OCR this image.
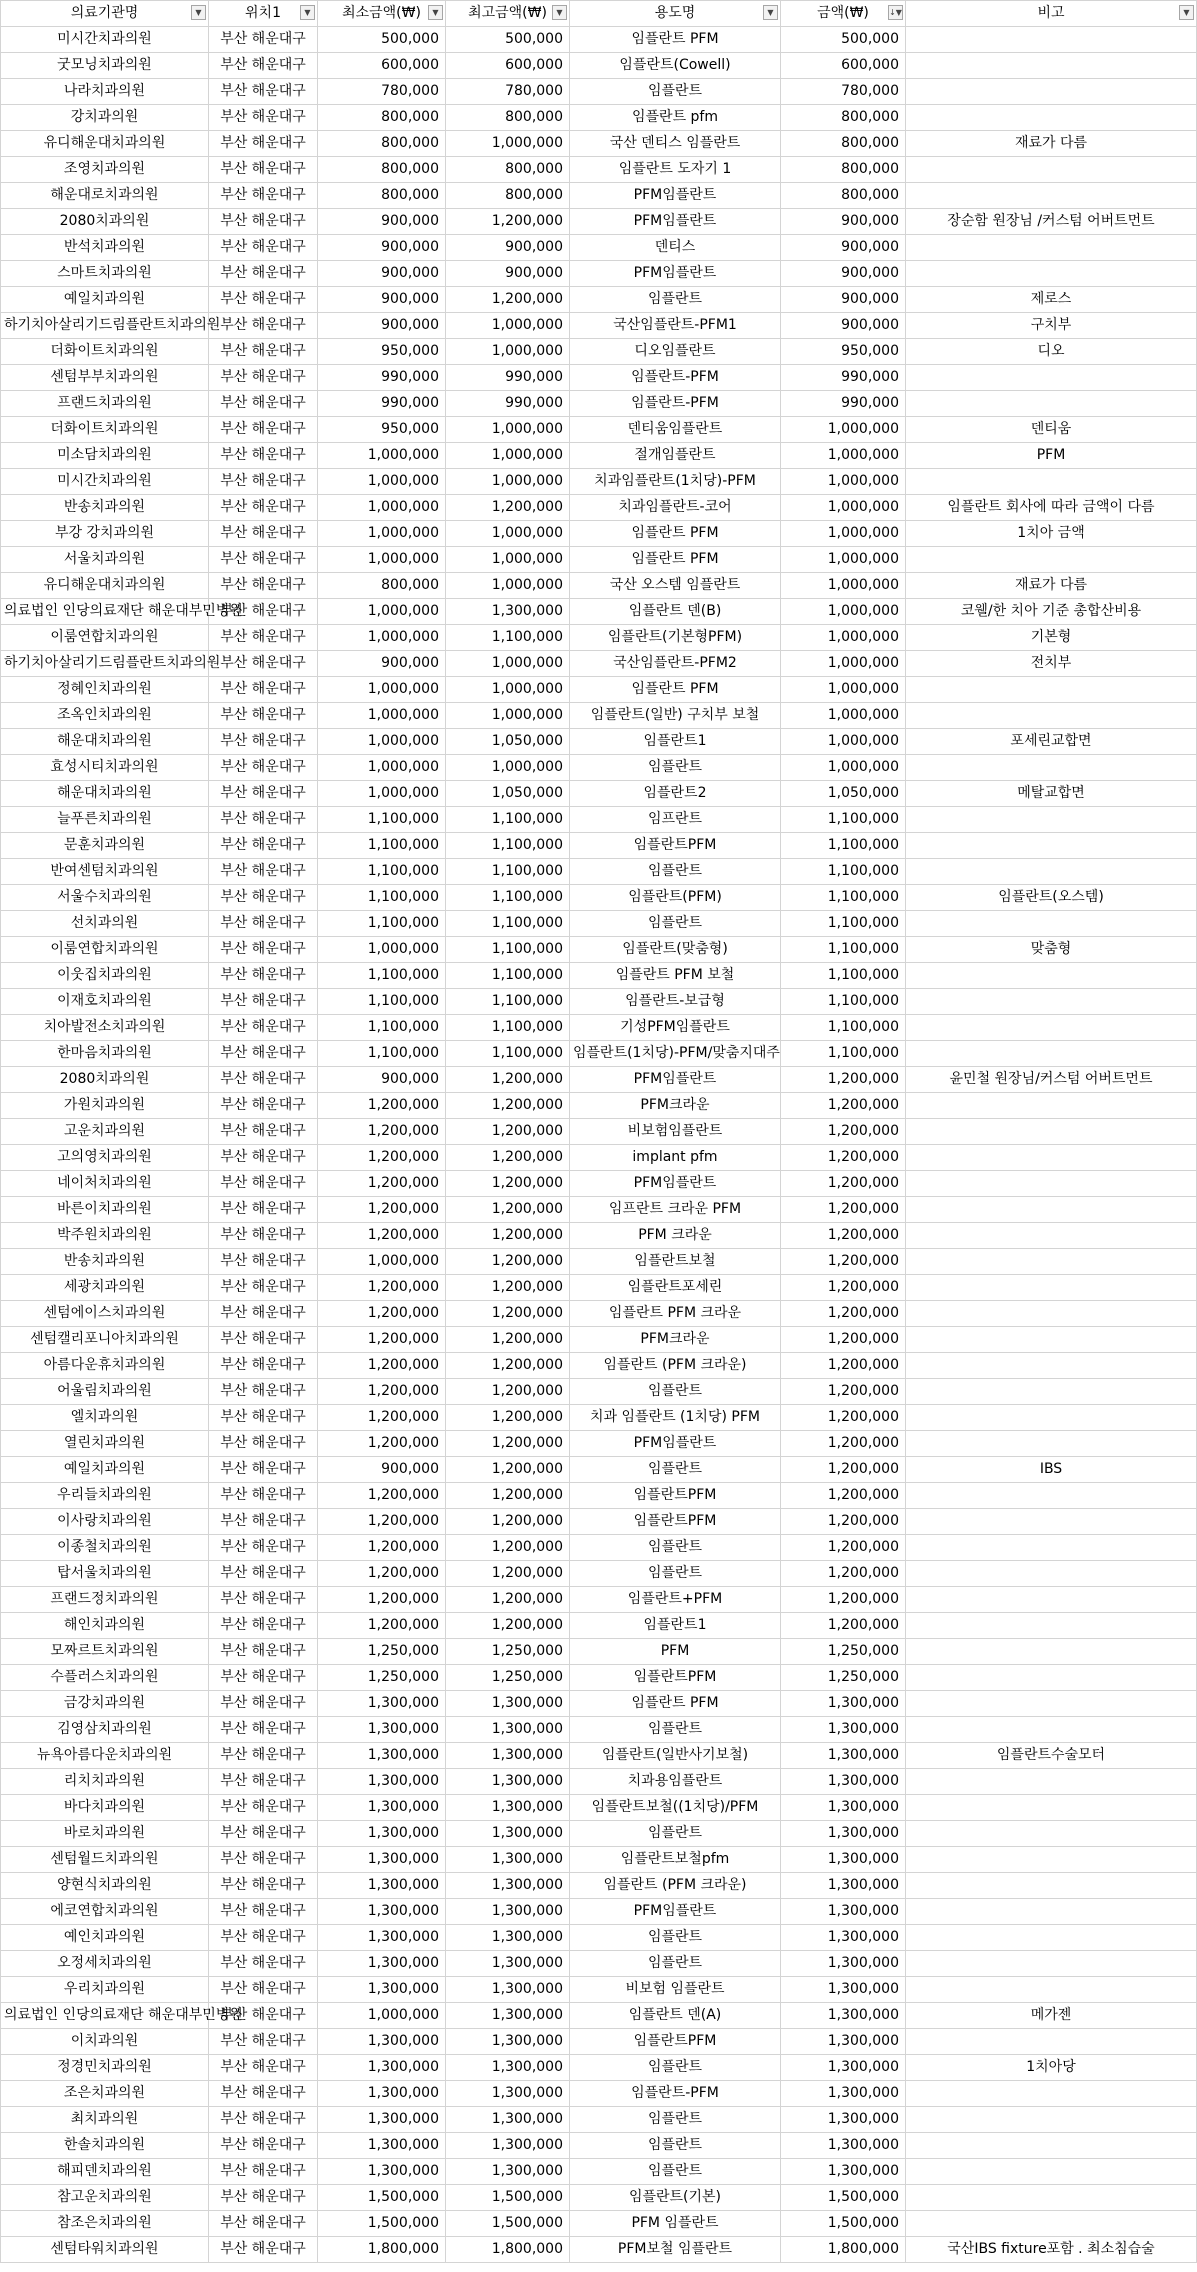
의료기관명 ▼	위치1 ▼	최소금액(₩) ▼	최고금액(₩) ▼	용도명 ▼	금액(₩) ↓▼	비고 ▼

미시간치과의원	부산 해운대구	500,000	500,000	임플란트 PFM	500,000	
굿모닝치과의원	부산 해운대구	600,000	600,000	임플란트(Cowell)	600,000	
나라치과의원	부산 해운대구	780,000	780,000	임플란트	780,000	
강치과의원	부산 해운대구	800,000	800,000	임플란트 pfm	800,000	
유디해운대치과의원	부산 해운대구	800,000	1,000,000	국산 덴티스 임플란트	800,000	재료가 다름
조영치과의원	부산 해운대구	800,000	800,000	임플란트 도자기 1	800,000	
해운대로치과의원	부산 해운대구	800,000	800,000	PFM임플란트	800,000	
2080치과의원	부산 해운대구	900,000	1,200,000	PFM임플란트	900,000	장순함 원장님 /커스텀 어버트먼트
반석치과의원	부산 해운대구	900,000	900,000	덴티스	900,000	
스마트치과의원	부산 해운대구	900,000	900,000	PFM임플란트	900,000	
예일치과의원	부산 해운대구	900,000	1,200,000	임플란트	900,000	제로스
하기치아살리기드림플란트치과의원	부산 해운대구	900,000	1,000,000	국산임플란트-PFM1	900,000	구치부
더화이트치과의원	부산 해운대구	950,000	1,000,000	디오임플란트	950,000	디오
센텀부부치과의원	부산 해운대구	990,000	990,000	임플란트-PFM	990,000	
프랜드치과의원	부산 해운대구	990,000	990,000	임플란트-PFM	990,000	
더화이트치과의원	부산 해운대구	950,000	1,000,000	덴티움임플란트	1,000,000	덴티움
미소담치과의원	부산 해운대구	1,000,000	1,000,000	절개임플란트	1,000,000	PFM
미시간치과의원	부산 해운대구	1,000,000	1,000,000	치과임플란트(1치당)-PFM	1,000,000	
반송치과의원	부산 해운대구	1,000,000	1,200,000	치과임플란트-코어	1,000,000	임플란트 회사에 따라 금액이 다름
부강 강치과의원	부산 해운대구	1,000,000	1,000,000	임플란트 PFM	1,000,000	1치아 금액
서울치과의원	부산 해운대구	1,000,000	1,000,000	임플란트 PFM	1,000,000	
유디해운대치과의원	부산 해운대구	800,000	1,000,000	국산 오스템 임플란트	1,000,000	재료가 다름
의료법인 인당의료재단 해운대부민병원	부산 해운대구	1,000,000	1,300,000	임플란트 덴(B)	1,000,000	코웰/한 치아 기준 총합산비용
이룸연합치과의원	부산 해운대구	1,000,000	1,100,000	임플란트(기본형PFM)	1,000,000	기본형
하기치아살리기드림플란트치과의원	부산 해운대구	900,000	1,000,000	국산임플란트-PFM2	1,000,000	전치부
정혜인치과의원	부산 해운대구	1,000,000	1,000,000	임플란트 PFM	1,000,000	
조옥인치과의원	부산 해운대구	1,000,000	1,000,000	임플란트(일반) 구치부 보철	1,000,000	
해운대치과의원	부산 해운대구	1,000,000	1,050,000	임플란트1	1,000,000	포세린교합면
효성시티치과의원	부산 해운대구	1,000,000	1,000,000	임플란트	1,000,000	
해운대치과의원	부산 해운대구	1,000,000	1,050,000	임플란트2	1,050,000	메탈교합면
늘푸른치과의원	부산 해운대구	1,100,000	1,100,000	임프란트	1,100,000	
문훈치과의원	부산 해운대구	1,100,000	1,100,000	임플란트PFM	1,100,000	
반여센텀치과의원	부산 해운대구	1,100,000	1,100,000	임플란트	1,100,000	
서울수치과의원	부산 해운대구	1,100,000	1,100,000	임플란트(PFM)	1,100,000	임플란트(오스템)
선치과의원	부산 해운대구	1,100,000	1,100,000	임플란트	1,100,000	
이룸연합치과의원	부산 해운대구	1,000,000	1,100,000	임플란트(맞춤형)	1,100,000	맞춤형
이웃집치과의원	부산 해운대구	1,100,000	1,100,000	임플란트 PFM 보철	1,100,000	
이재호치과의원	부산 해운대구	1,100,000	1,100,000	임플란트-보급형	1,100,000	
치아발전소치과의원	부산 해운대구	1,100,000	1,100,000	기성PFM임플란트	1,100,000	
한마음치과의원	부산 해운대구	1,100,000	1,100,000	임플란트(1치당)-PFM/맞춤지대주	1,100,000	
2080치과의원	부산 해운대구	900,000	1,200,000	PFM임플란트	1,200,000	윤민철 원장님/커스텀 어버트먼트
가원치과의원	부산 해운대구	1,200,000	1,200,000	PFM크라운	1,200,000	
고운치과의원	부산 해운대구	1,200,000	1,200,000	비보험임플란트	1,200,000	
고의영치과의원	부산 해운대구	1,200,000	1,200,000	implant pfm	1,200,000	
네이처치과의원	부산 해운대구	1,200,000	1,200,000	PFM임플란트	1,200,000	
바른이치과의원	부산 해운대구	1,200,000	1,200,000	임프란트 크라운 PFM	1,200,000	
박주원치과의원	부산 해운대구	1,200,000	1,200,000	PFM 크라운	1,200,000	
반송치과의원	부산 해운대구	1,000,000	1,200,000	임플란트보철	1,200,000	
세광치과의원	부산 해운대구	1,200,000	1,200,000	임플란트포세린	1,200,000	
센텀에이스치과의원	부산 해운대구	1,200,000	1,200,000	임플란트 PFM 크라운	1,200,000	
센텀캘리포니아치과의원	부산 해운대구	1,200,000	1,200,000	PFM크라운	1,200,000	
아름다운휴치과의원	부산 해운대구	1,200,000	1,200,000	임플란트 (PFM 크라운)	1,200,000	
어울림치과의원	부산 해운대구	1,200,000	1,200,000	임플란트	1,200,000	
엘치과의원	부산 해운대구	1,200,000	1,200,000	치과 임플란트 (1치당) PFM	1,200,000	
열린치과의원	부산 해운대구	1,200,000	1,200,000	PFM임플란트	1,200,000	
예일치과의원	부산 해운대구	900,000	1,200,000	임플란트	1,200,000	IBS
우리들치과의원	부산 해운대구	1,200,000	1,200,000	임플란트PFM	1,200,000	
이사랑치과의원	부산 해운대구	1,200,000	1,200,000	임플란트PFM	1,200,000	
이종철치과의원	부산 해운대구	1,200,000	1,200,000	임플란트	1,200,000	
탑서울치과의원	부산 해운대구	1,200,000	1,200,000	임플란트	1,200,000	
프랜드정치과의원	부산 해운대구	1,200,000	1,200,000	임플란트+PFM	1,200,000	
해인치과의원	부산 해운대구	1,200,000	1,200,000	임플란트1	1,200,000	
모짜르트치과의원	부산 해운대구	1,250,000	1,250,000	PFM	1,250,000	
수플러스치과의원	부산 해운대구	1,250,000	1,250,000	임플란트PFM	1,250,000	
금강치과의원	부산 해운대구	1,300,000	1,300,000	임플란트 PFM	1,300,000	
김영삼치과의원	부산 해운대구	1,300,000	1,300,000	임플란트	1,300,000	
뉴욕아름다운치과의원	부산 해운대구	1,300,000	1,300,000	임플란트(일반사기보철)	1,300,000	임플란트수술모터
리치치과의원	부산 해운대구	1,300,000	1,300,000	치과용임플란트	1,300,000	
바다치과의원	부산 해운대구	1,300,000	1,300,000	임플란트보철((1치당)/PFM	1,300,000	
바로치과의원	부산 해운대구	1,300,000	1,300,000	임플란트	1,300,000	
센텀월드치과의원	부산 해운대구	1,300,000	1,300,000	임플란트보철pfm	1,300,000	
양현식치과의원	부산 해운대구	1,300,000	1,300,000	임플란트 (PFM 크라운)	1,300,000	
에코연합치과의원	부산 해운대구	1,300,000	1,300,000	PFM임플란트	1,300,000	
예인치과의원	부산 해운대구	1,300,000	1,300,000	임플란트	1,300,000	
오정세치과의원	부산 해운대구	1,300,000	1,300,000	임플란트	1,300,000	
우리치과의원	부산 해운대구	1,300,000	1,300,000	비보험 임플란트	1,300,000	
의료법인 인당의료재단 해운대부민병원	부산 해운대구	1,000,000	1,300,000	임플란트 덴(A)	1,300,000	메가젠
이치과의원	부산 해운대구	1,300,000	1,300,000	임플란트PFM	1,300,000	
정경민치과의원	부산 해운대구	1,300,000	1,300,000	임플란트	1,300,000	1치아당
조은치과의원	부산 해운대구	1,300,000	1,300,000	임플란트-PFM	1,300,000	
최치과의원	부산 해운대구	1,300,000	1,300,000	임플란트	1,300,000	
한솔치과의원	부산 해운대구	1,300,000	1,300,000	임플란트	1,300,000	
해피덴치과의원	부산 해운대구	1,300,000	1,300,000	임플란트	1,300,000	
참고운치과의원	부산 해운대구	1,500,000	1,500,000	임플란트(기본)	1,500,000	
참조은치과의원	부산 해운대구	1,500,000	1,500,000	PFM 임플란트	1,500,000	
센텀타워치과의원	부산 해운대구	1,800,000	1,800,000	PFM보철 임플란트	1,800,000	국산IBS fixture포함 . 최소침습술
